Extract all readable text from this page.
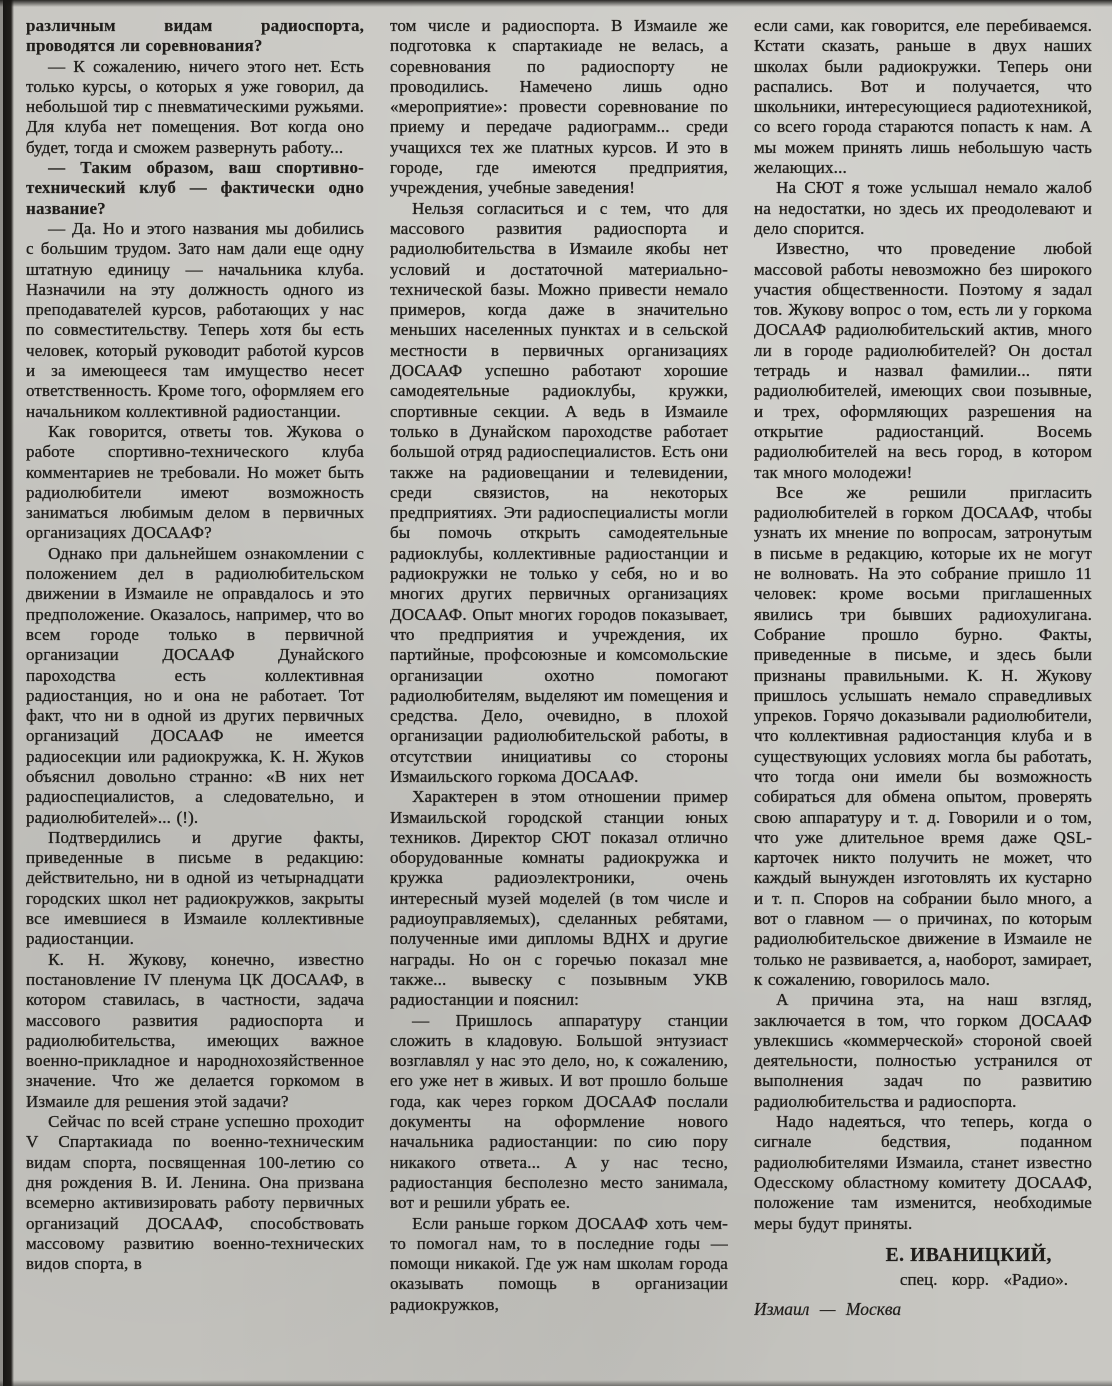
различным видам радиоспорта, проводятся ли соревнования?

— К сожалению, ничего этого нет. Есть только курсы, о которых я уже говорил, да небольшой тир с пневматическими ружьями. Для клуба нет помещения. Вот когда оно будет, тогда и сможем развернуть работу...

— Таким образом, ваш спортивно-технический клуб — фактически одно название?

— Да. Но и этого названия мы добились с большим трудом. Зато нам дали еще одну штатную единицу — начальника клуба. Назначили на эту должность одного из преподавателей курсов, работающих у нас по совместительству. Теперь хотя бы есть человек, который руководит работой курсов и за имеющееся там имущество несет ответственность. Кроме того, оформляем его начальником коллективной радиостанции.

Как говорится, ответы тов. Жукова о работе спортивно-технического клуба комментариев не требовали. Но может быть радиолюбители имеют возможность заниматься любимым делом в первичных организациях ДОСААФ?

Однако при дальнейшем ознакомлении с положением дел в радиолюбительском движении в Измаиле не оправдалось и это предположение. Оказалось, например, что во всем городе только в первичной организации ДОСААФ Дунайского пароходства есть коллективная радиостанция, но и она не работает. Тот факт, что ни в одной из других первичных организаций ДОСААФ не имеется радиосекции или радиокружка, К. Н. Жуков объяснил довольно странно: «В них нет радиоспециалистов, а следовательно, и радиолюбителей»... (!).

Подтвердились и другие факты, приведенные в письме в редакцию: действительно, ни в одной из четырнадцати городских школ нет радиокружков, закрыты все имевшиеся в Измаиле коллективные радиостанции.

К. Н. Жукову, конечно, известно постановление IV пленума ЦК ДОСААФ, в котором ставилась, в частности, задача массового развития радиоспорта и радиолюбительства, имеющих важное военно-прикладное и народнохозяйственное значение. Что же делается горкомом в Измаиле для решения этой задачи?

Сейчас по всей стране успешно проходит V Спартакиада по военно-техническим видам спорта, посвященная 100-летию со дня рождения В. И. Ленина. Она призвана всемерно активизировать работу первичных организаций ДОСААФ, способствовать массовому развитию военно-технических видов спорта, в

том числе и радиоспорта. В Измаиле же подготовка к спартакиаде не велась, а соревнования по радиоспорту не проводились. Намечено лишь одно «мероприятие»: провести соревнование по приему и передаче радиограмм... среди учащихся тех же платных курсов. И это в городе, где имеются предприятия, учреждения, учебные заведения!

Нельзя согласиться и с тем, что для массового развития радиоспорта и радиолюбительства в Измаиле якобы нет условий и достаточной материально-технической базы. Можно привести немало примеров, когда даже в значительно меньших населенных пунктах и в сельской местности в первичных организациях ДОСААФ успешно работают хорошие самодеятельные радиоклубы, кружки, спортивные секции. А ведь в Измаиле только в Дунайском пароходстве работает большой отряд радиоспециалистов. Есть они также на радиовещании и телевидении, среди связистов, на некоторых предприятиях. Эти радиоспециалисты могли бы помочь открыть самодеятельные радиоклубы, коллективные радиостанции и радиокружки не только у себя, но и во многих других первичных организациях ДОСААФ. Опыт многих городов показывает, что предприятия и учреждения, их партийные, профсоюзные и комсомольские организации охотно помогают радиолюбителям, выделяют им помещения и средства. Дело, очевидно, в плохой организации радиолюбительской работы, в отсутствии инициативы со стороны Измаильского горкома ДОСААФ.

Характерен в этом отношении пример Измаильской городской станции юных техников. Директор СЮТ показал отлично оборудованные комнаты радиокружка и кружка радиоэлектроники, очень интересный музей моделей (в том числе и радиоуправляемых), сделанных ребятами, полученные ими дипломы ВДНХ и другие награды. Но он с горечью показал мне также... вывеску с позывным УКВ радиостанции и пояснил:

— Пришлось аппаратуру станции сложить в кладовую. Большой энтузиаст возглавлял у нас это дело, но, к сожалению, его уже нет в живых. И вот прошло больше года, как через горком ДОСААФ послали документы на оформление нового начальника радиостанции: по сию пору никакого ответа... А у нас тесно, радиостанция бесполезно место занимала, вот и решили убрать ее.

Если раньше горком ДОСААФ хоть чем-то помогал нам, то в последние годы — помощи никакой. Где уж нам школам города оказывать помощь в организации радиокружков,

если сами, как говорится, еле перебиваемся. Кстати сказать, раньше в двух наших школах были радиокружки. Теперь они распались. Вот и получается, что школьники, интересующиеся радиотехникой, со всего города стараются попасть к нам. А мы можем принять лишь небольшую часть желающих...

На СЮТ я тоже услышал немало жалоб на недостатки, но здесь их преодолевают и дело спорится.

Известно, что проведение любой массовой работы невозможно без широкого участия общественности. Поэтому я задал тов. Жукову вопрос о том, есть ли у горкома ДОСААФ радиолюбительский актив, много ли в городе радиолюбителей? Он достал тетрадь и назвал фамилии... пяти радиолюбителей, имеющих свои позывные, и трех, оформляющих разрешения на открытие радиостанций. Восемь радиолюбителей на весь город, в котором так много молодежи!

Все же решили пригласить радиолюбителей в горком ДОСААФ, чтобы узнать их мнение по вопросам, затронутым в письме в редакцию, которые их не могут не волновать. На это собрание пришло 11 человек: кроме восьми приглашенных явились три бывших радиохулигана. Собрание прошло бурно. Факты, приведенные в письме, и здесь были признаны правильными. К. Н. Жукову пришлось услышать немало справедливых упреков. Горячо доказывали радиолюбители, что коллективная радиостанция клуба и в существующих условиях могла бы работать, что тогда они имели бы возможность собираться для обмена опытом, проверять свою аппаратуру и т. д. Говорили и о том, что уже длительное время даже QSL-карточек никто получить не может, что каждый вынужден изготовлять их кустарно и т. п. Споров на собрании было много, а вот о главном — о причинах, по которым радиолюбительское движение в Измаиле не только не развивается, а, наоборот, замирает, к сожалению, говорилось мало.

А причина эта, на наш взгляд, заключается в том, что горком ДОСААФ увлекшись «коммерческой» стороной своей деятельности, полностью устранился от выполнения задач по развитию радиолюбительства и радиоспорта.

Надо надеяться, что теперь, когда о сигнале бедствия, поданном радиолюбителями Измаила, станет известно Одесскому областному комитету ДОСААФ, положение там изменится, необходимые меры будут приняты.

Е. ИВАНИЦКИЙ,
спец. корр. «Радио».
Измаил — Москва
